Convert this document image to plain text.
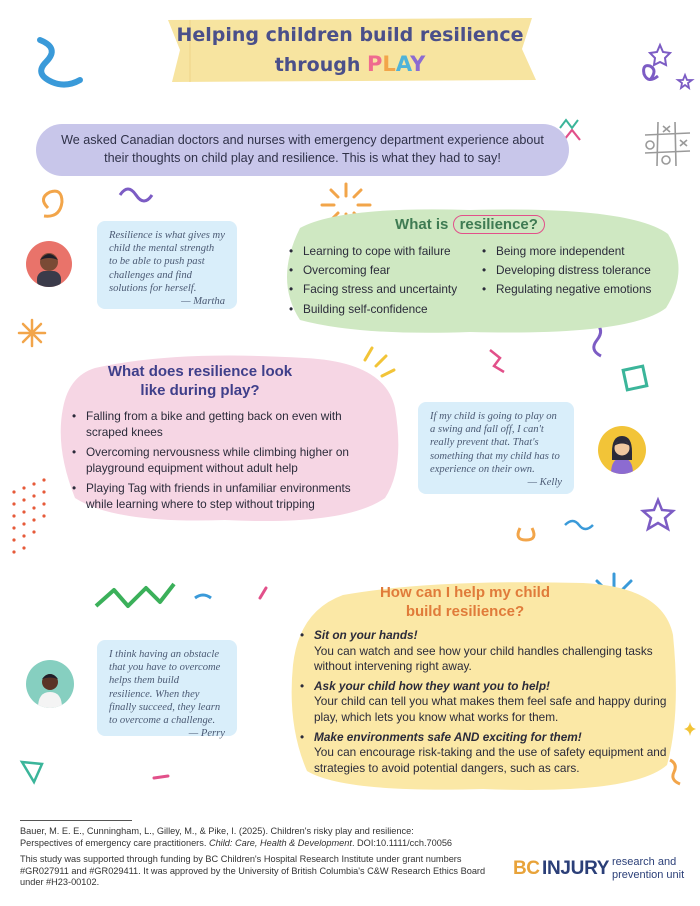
Helping children build resilience
through PLAY
We asked Canadian doctors and nurses with emergency department experience about their thoughts on child play and resilience. This is what they had to say!
Resilience is what gives my child the mental strength to be able to push past challenges and find solutions for herself.
— Martha
What is resilience?
• Learning to cope with failure
• Overcoming fear
• Facing stress and uncertainty
• Building self-confidence
• Being more independent
• Developing distress tolerance
• Regulating negative emotions
What does resilience look like during play?
• Falling from a bike and getting back on even with scraped knees
• Overcoming nervousness while climbing higher on playground equipment without adult help
• Playing Tag with friends in unfamiliar environments while learning where to step without tripping
If my child is going to play on a swing and fall off, I can't really prevent that. That's something that my child has to experience on their own.
— Kelly
How can I help my child build resilience?
• Sit on your hands!
You can watch and see how your child handles challenging tasks without intervening right away.
• Ask your child how they want you to help!
Your child can tell you what makes them feel safe and happy during play, which lets you know what works for them.
• Make environments safe AND exciting for them!
You can encourage risk-taking and the use of safety equipment and strategies to avoid potential dangers, such as cars.
I think having an obstacle that you have to overcome helps them build resilience. When they finally succeed, they learn to overcome a challenge.
— Perry
Bauer, M. E. E., Cunningham, L., Gilley, M., & Pike, I. (2025). Children's risky play and resilience:
Perspectives of emergency care practitioners. Child: Care, Health & Development. DOI:10.1111/cch.70056
This study was supported through funding by BC Children's Hospital Research Institute under grant numbers #GR027911 and #GR029411. It was approved by the University of British Columbia's C&W Research Ethics Board under #H23-00102.
BC INJURY research and
prevention unit
